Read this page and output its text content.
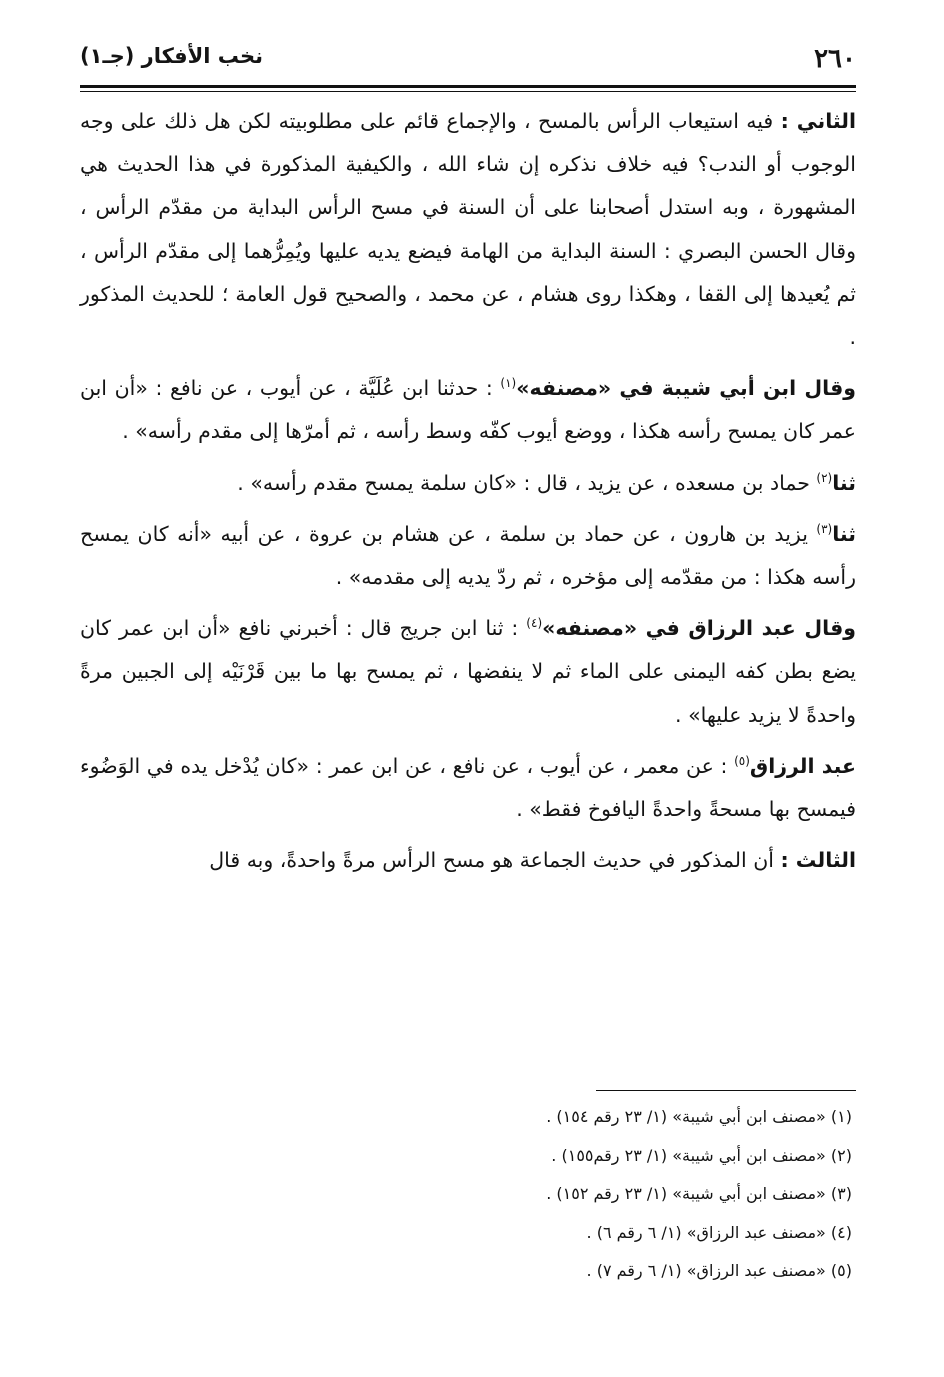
٢٦٠
نخب الأفكار (جـ١)

الثاني : فيه استيعاب الرأس بالمسح ، والإجماع قائم على مطلوبيته لكن هل ذلك على وجه الوجوب أو الندب؟ فيه خلاف نذكره إن شاء الله ، والكيفية المذكورة في هذا الحديث هي المشهورة ، وبه استدل أصحابنا على أن السنة في مسح الرأس البداية من مقدّم الرأس ، وقال الحسن البصري : السنة البداية من الهامة فيضع يديه عليها ويُمِرُّهما إلى مقدّم الرأس ، ثم يُعيدها إلى القفا ، وهكذا روى هشام ، عن محمد ، والصحيح قول العامة ؛ للحديث المذكور .

وقال ابن أبي شيبة في «مصنفه»$^{(١)}$ : حدثنا ابن عُلَيَّة ، عن أيوب ، عن نافع : «أن ابن عمر كان يمسح رأسه هكذا ، ووضع أيوب كفّه وسط رأسه ، ثم أمرّها إلى مقدم رأسه» .

ثنا$^{(٢)}$ حماد بن مسعده ، عن يزيد ، قال : «كان سلمة يمسح مقدم رأسه» .

ثنا$^{(٣)}$ يزيد بن هارون ، عن حماد بن سلمة ، عن هشام بن عروة ، عن أبيه «أنه كان يمسح رأسه هكذا : من مقدّمه إلى مؤخره ، ثم ردّ يديه إلى مقدمه» .

وقال عبد الرزاق في «مصنفه»$^{(٤)}$ : ثنا ابن جريج قال : أخبرني نافع «أن ابن عمر كان يضع بطن كفه اليمنى على الماء ثم لا ينفضها ، ثم يمسح بها ما بين قَرْنَيْه إلى الجبين مرةً واحدةً لا يزيد عليها» .

عبد الرزاق$^{(٥)}$ : عن معمر ، عن أيوب ، عن نافع ، عن ابن عمر : «كان يُدْخل يده في الوَضُوء فيمسح بها مسحةً واحدةً اليافوخ فقط» .

الثالث : أن المذكور في حديث الجماعة هو مسح الرأس مرةً واحدةً، وبه قال

(١) «مصنف ابن أبي شيبة» (١/ ٢٣ رقم ١٥٤) .
(٢) «مصنف ابن أبي شيبة» (١/ ٢٣ رقم١٥٥) .
(٣) «مصنف ابن أبي شيبة» (١/ ٢٣ رقم ١٥٢) .
(٤) «مصنف عبد الرزاق» (١/ ٦ رقم ٦) .
(٥) «مصنف عبد الرزاق» (١/ ٦ رقم ٧) .
